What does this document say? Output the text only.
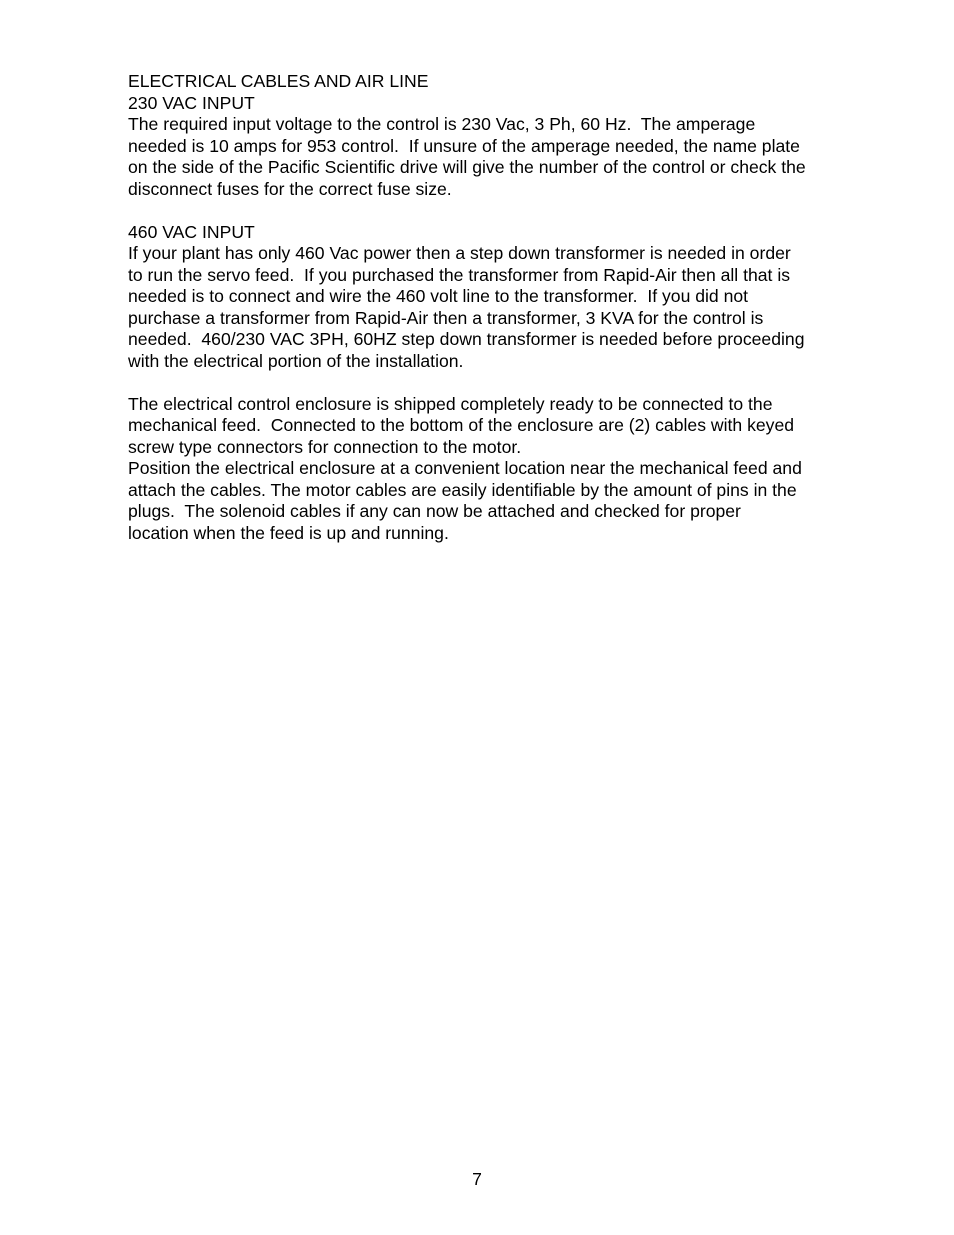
ELECTRICAL CABLES AND AIR LINE

230 VAC INPUT

The required input voltage to the control is 230 Vac, 3 Ph, 60 Hz.  The amperage
needed is 10 amps for 953 control.  If unsure of the amperage needed, the name plate
on the side of the Pacific Scientific drive will give the number of the control or check the
disconnect fuses for the correct fuse size.

460 VAC INPUT

If your plant has only 460 Vac power then a step down transformer is needed in order
to run the servo feed.  If you purchased the transformer from Rapid-Air then all that is
needed is to connect and wire the 460 volt line to the transformer.  If you did not
purchase a transformer from Rapid-Air then a transformer, 3 KVA for the control is
needed.  460/230 VAC 3PH, 60HZ step down transformer is needed before proceeding
with the electrical portion of the installation.

The electrical control enclosure is shipped completely ready to be connected to the
mechanical feed.  Connected to the bottom of the enclosure are (2) cables with keyed
screw type connectors for connection to the motor.

Position the electrical enclosure at a convenient location near the mechanical feed and
attach the cables. The motor cables are easily identifiable by the amount of pins in the
plugs.  The solenoid cables if any can now be attached and checked for proper
location when the feed is up and running.

7
